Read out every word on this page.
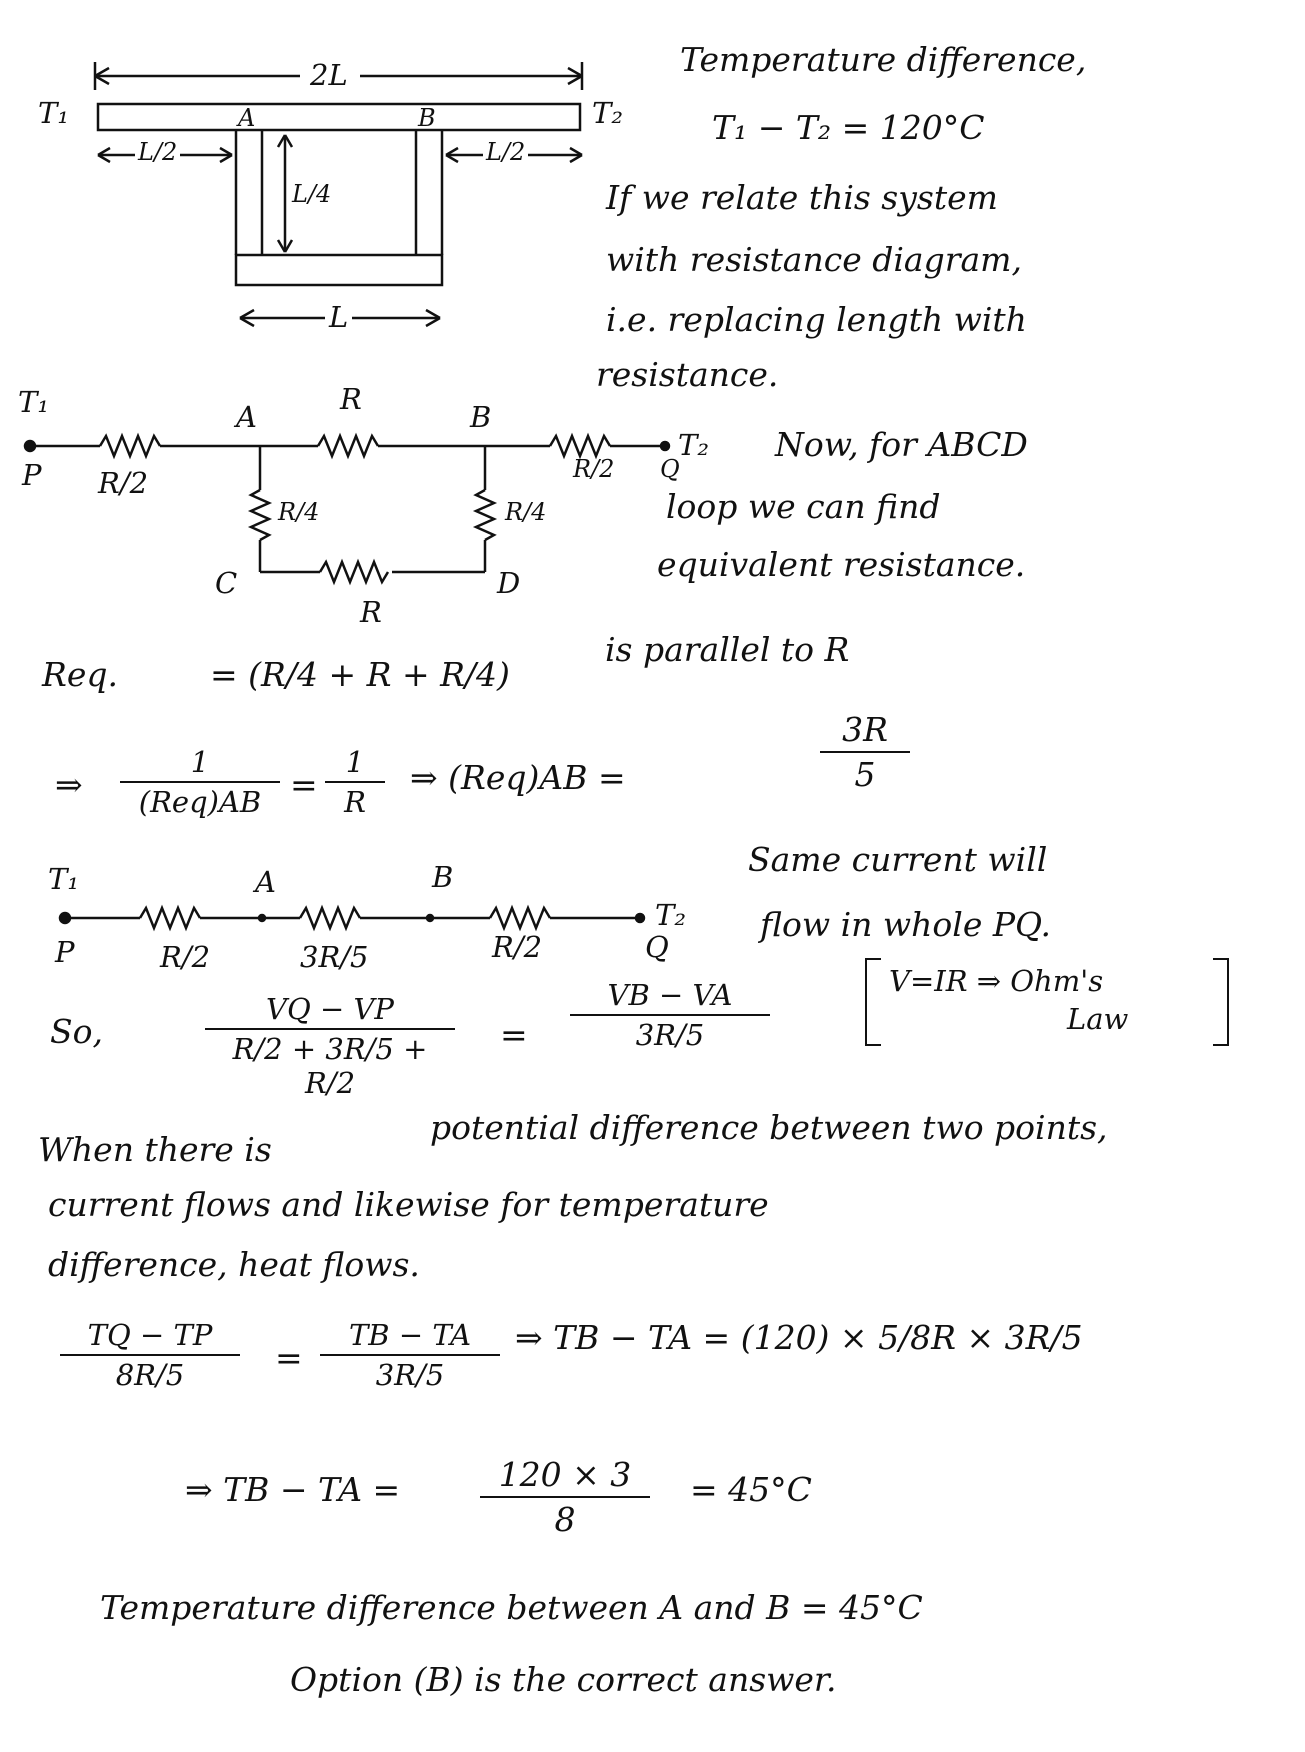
2L
T₁	T₂
A	B
L/2	L/2
L/4
L
Temperature difference,
T₁ − T₂ = 120°C
If we relate this system
with resistance diagram,
i.e. replacing length with
resistance.
T₁
P R/2
A
R
B
R/2 Q
T₂
R/4	R/4
C	D
R
Now, for ABCD
loop we can find
equivalent resistance.
Req.	= (R/4 + R + R/4)
is parallel to R
⇒
1
(Req)AB =
1
R
⇒ (Req)AB =
3R
5
T₁
P
A	B
T₂
Q
R/2	3R/5	R/2
Same current will
flow in whole PQ.
V=IR ⇒ Ohm's
Law
So,
VQ − VP
R/2 + 3R/5 + R/2
=
VB − VA
3R/5
When there is
potential difference between two points,
current flows and likewise for temperature
difference, heat flows.
TQ − TP
8R/5	=
TB − TA
3R/5
⇒ TB − TA = (120) × 5/8R × 3R/5
⇒ TB − TA =	120 × 3
8
= 45°C
Temperature difference between A and B = 45°C
Option (B) is the correct answer.
